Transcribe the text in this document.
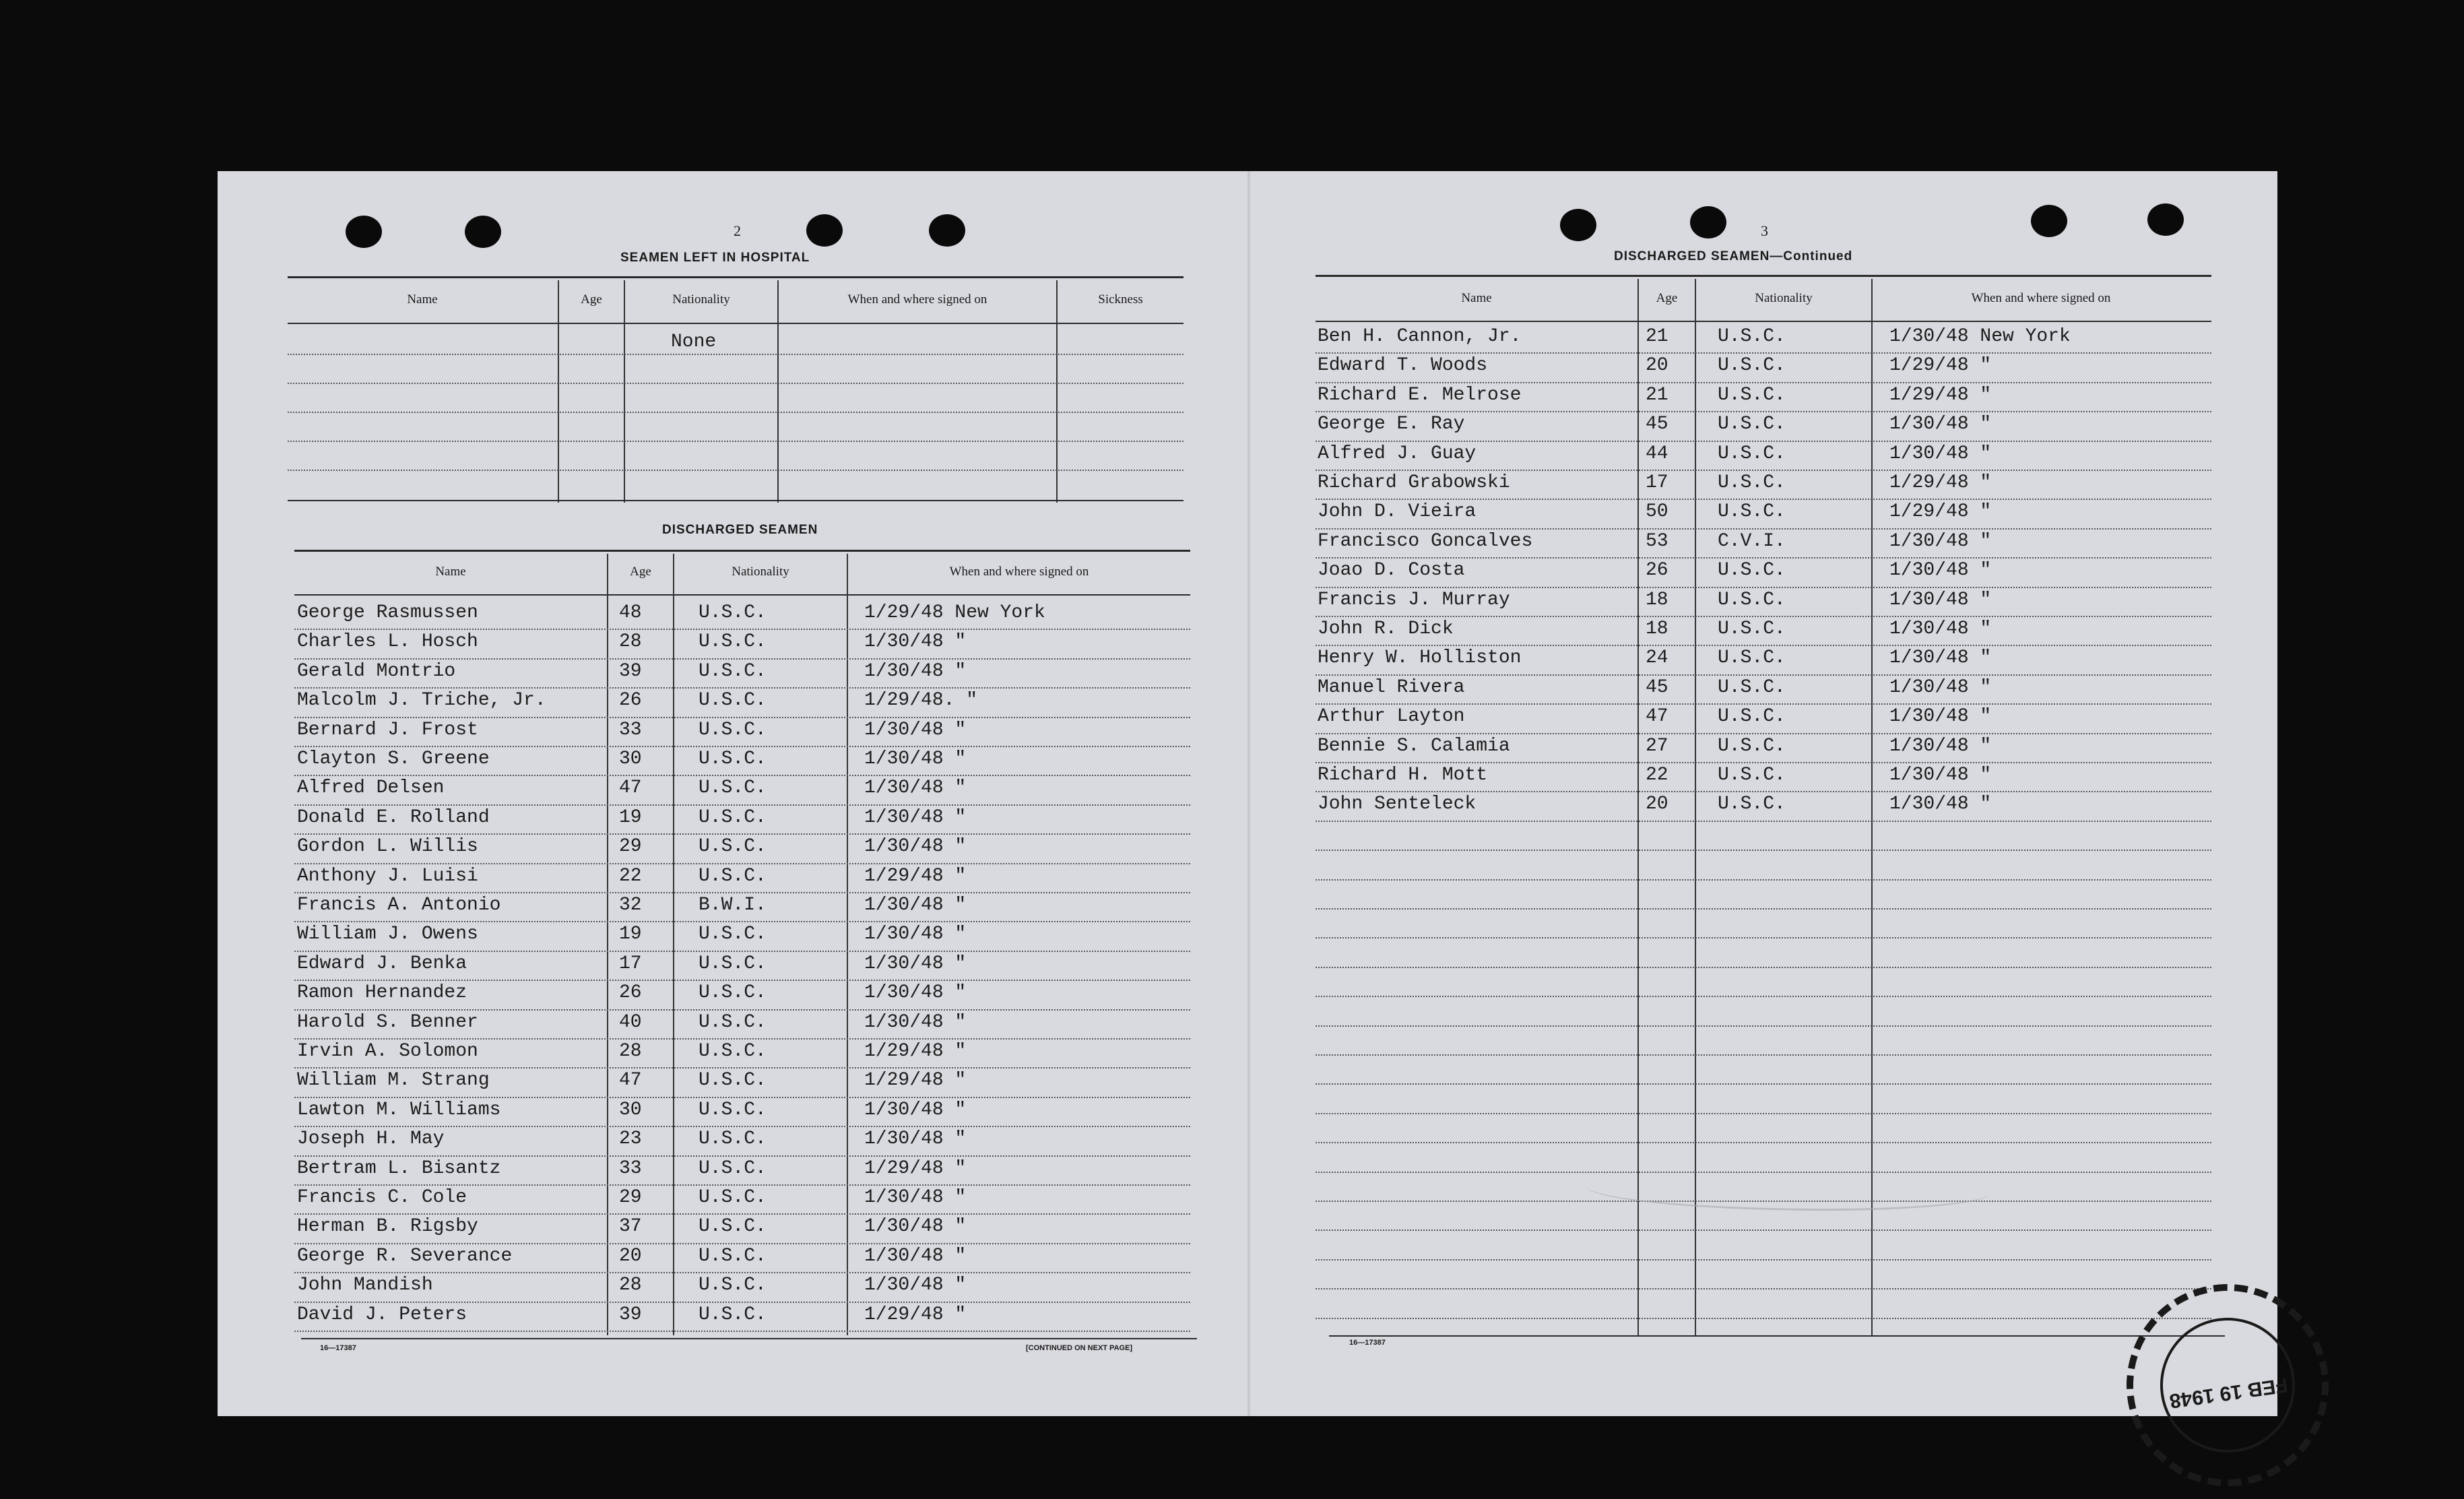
2
SEAMEN LEFT IN HOSPITAL
Name	Age	Nationality	When and where signed on	Sickness
None
DISCHARGED SEAMEN
Name	Age	Nationality	When and where signed on
George Rasmussen	48	U.S.C.	1/29/48 New York
Charles L. Hosch	28	U.S.C.	1/30/48 "
Gerald Montrio	39	U.S.C.	1/30/48 "
Malcolm J. Triche, Jr.	26	U.S.C.	1/29/48. "
Bernard J. Frost	33	U.S.C.	1/30/48 "
Clayton S. Greene	30	U.S.C.	1/30/48 "
Alfred Delsen	47	U.S.C.	1/30/48 "
Donald E. Rolland	19	U.S.C.	1/30/48 "
Gordon L. Willis	29	U.S.C.	1/30/48 "
Anthony J. Luisi	22	U.S.C.	1/29/48 "
Francis A. Antonio	32	B.W.I.	1/30/48 "
William J. Owens	19	U.S.C.	1/30/48 "
Edward J. Benka	17	U.S.C.	1/30/48 "
Ramon Hernandez	26	U.S.C.	1/30/48 "
Harold S. Benner	40	U.S.C.	1/30/48 "
Irvin A. Solomon	28	U.S.C.	1/29/48 "
William M. Strang	47	U.S.C.	1/29/48 "
Lawton M. Williams	30	U.S.C.	1/30/48 "
Joseph H. May	23	U.S.C.	1/30/48 "
Bertram L. Bisantz	33	U.S.C.	1/29/48 "
Francis C. Cole	29	U.S.C.	1/30/48 "
Herman B. Rigsby	37	U.S.C.	1/30/48 "
George R. Severance	20	U.S.C.	1/30/48 "
John Mandish	28	U.S.C.	1/30/48 "
David J. Peters	39	U.S.C.	1/29/48 "
16—17387	[CONTINUED ON NEXT PAGE]
3
DISCHARGED SEAMEN—Continued
Name	Age	Nationality	When and where signed on
Ben H. Cannon, Jr.	21	U.S.C.	1/30/48 New York
Edward T. Woods	20	U.S.C.	1/29/48 "
Richard E. Melrose	21	U.S.C.	1/29/48 "
George E. Ray	45	U.S.C.	1/30/48 "
Alfred J. Guay	44	U.S.C.	1/30/48 "
Richard Grabowski	17	U.S.C.	1/29/48 "
John D. Vieira	50	U.S.C.	1/29/48 "
Francisco Goncalves	53	C.V.I.	1/30/48 "
Joao D. Costa	26	U.S.C.	1/30/48 "
Francis J. Murray	18	U.S.C.	1/30/48 "
John R. Dick	18	U.S.C.	1/30/48 "
Henry W. Holliston	24	U.S.C.	1/30/48 "
Manuel Rivera	45	U.S.C.	1/30/48 "
Arthur Layton	47	U.S.C.	1/30/48 "
Bennie S. Calamia	27	U.S.C.	1/30/48 "
Richard H. Mott	22	U.S.C.	1/30/48 "
John Senteleck	20	U.S.C.	1/30/48 "
16—17387
FEB 19 1948
